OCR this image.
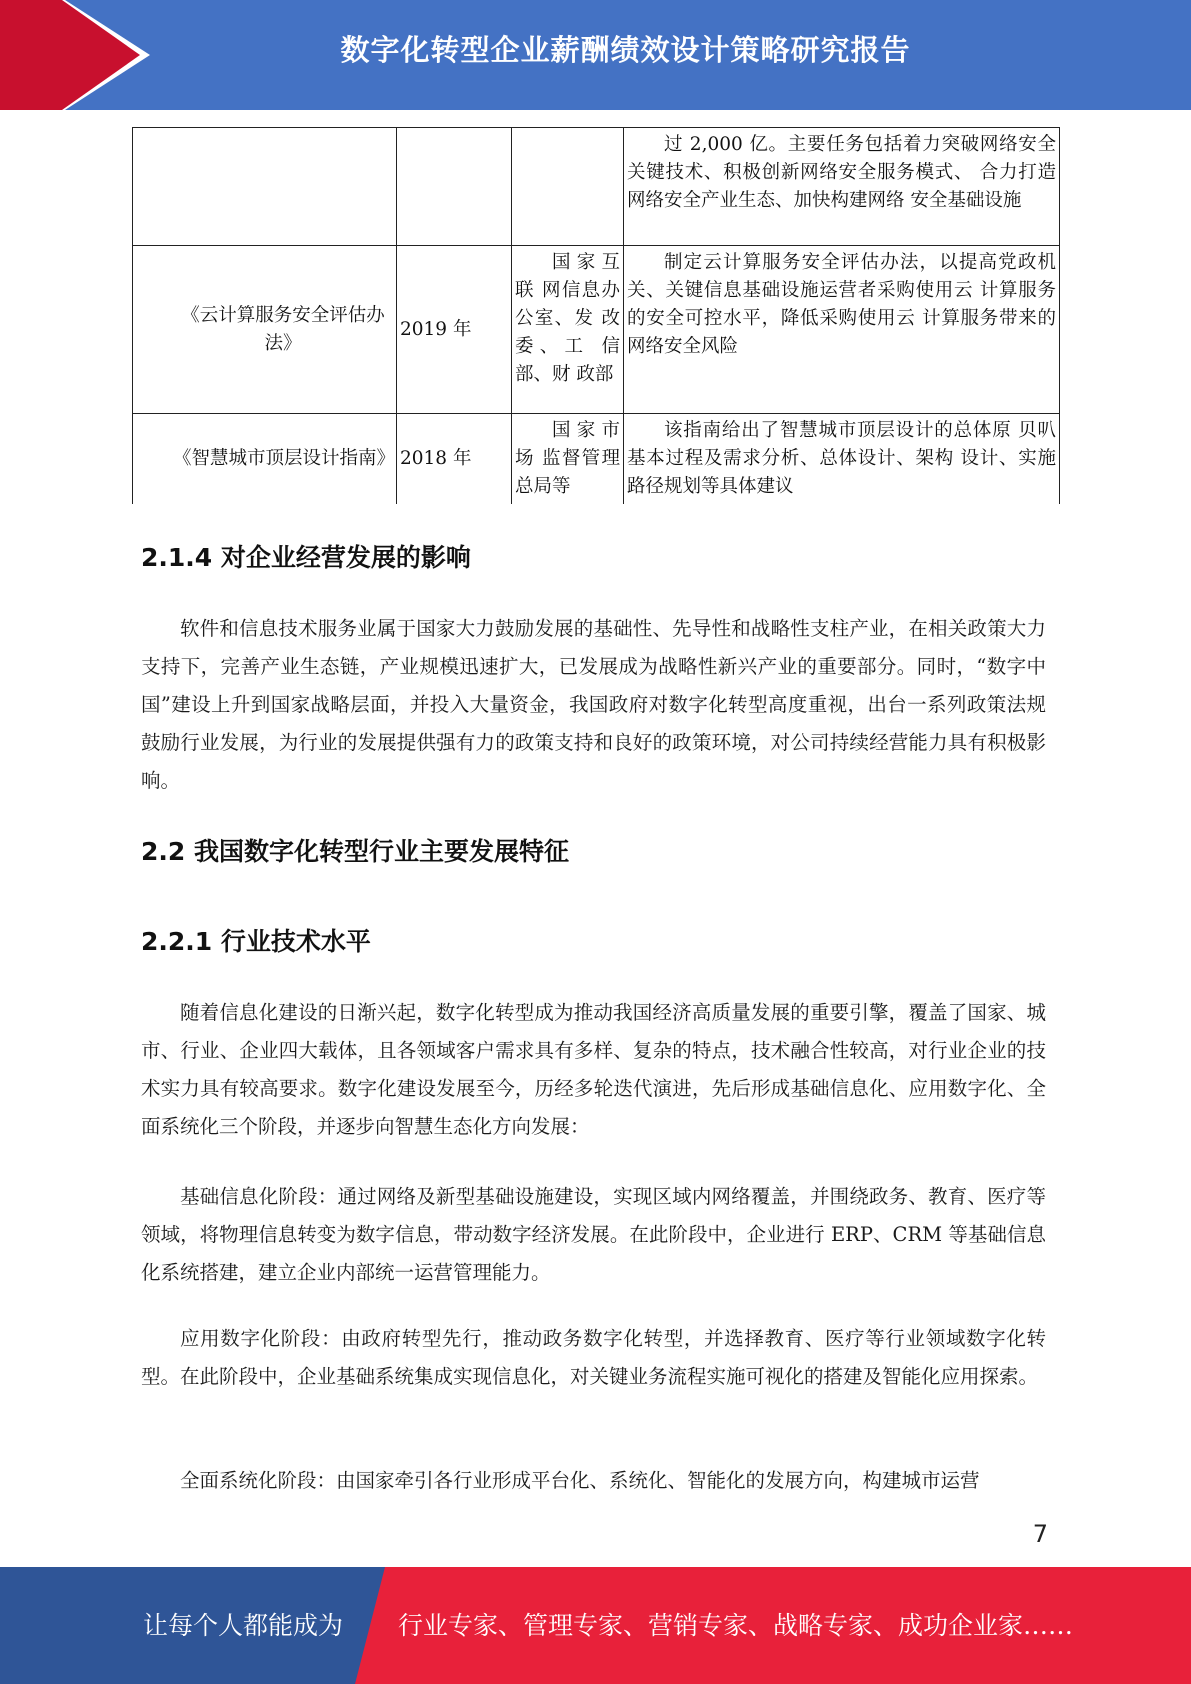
数字化转型企业薪酬绩效设计策略研究报告
			过 2,000 亿。主要任务包括着力突破网络安全关键技术、积极创新网络安全服务模式、 合力打造网络安全产业生态、加快构建网络 安全基础设施
《云计算服务安全评估办法》	2019 年	国家互联 网信息办 公室、发 改委、工 信部、财 政部	制定云计算服务安全评估办法，以提高党政机关、关键信息基础设施运营者采购使用云 计算服务的安全可控水平，降低采购使用云 计算服务带来的网络安全风险
《智慧城市顶层设计指南》	2018 年	国家市场 监督管理 总局等	该指南给出了智慧城市顶层设计的总体原 贝叭基本过程及需求分析、总体设计、架构 设计、实施路径规划等具体建议
2.1.4 对企业经营发展的影响
软件和信息技术服务业属于国家大力鼓励发展的基础性、先导性和战略性支柱产业，在相关政策大力支持下，完善产业生态链，产业规模迅速扩大，已发展成为战略性新兴产业的重要部分。同时，“数字中国”建设上升到国家战略层面，并投入大量资金，我国政府对数字化转型高度重视，出台一系列政策法规鼓励行业发展，为行业的发展提供强有力的政策支持和良好的政策环境，对公司持续经营能力具有积极影响。
2.2 我国数字化转型行业主要发展特征
2.2.1 行业技术水平
随着信息化建设的日渐兴起，数字化转型成为推动我国经济高质量发展的重要引擎，覆盖了国家、城市、行业、企业四大载体，且各领域客户需求具有多样、复杂的特点，技术融合性较高，对行业企业的技术实力具有较高要求。数字化建设发展至今，历经多轮迭代演进，先后形成基础信息化、应用数字化、全面系统化三个阶段，并逐步向智慧生态化方向发展：
基础信息化阶段：通过网络及新型基础设施建设，实现区域内网络覆盖，并围绕政务、教育、医疗等领域，将物理信息转变为数字信息，带动数字经济发展。在此阶段中，企业进行 ERP、CRM 等基础信息化系统搭建，建立企业内部统一运营管理能力。
应用数字化阶段：由政府转型先行，推动政务数字化转型，并选择教育、医疗等行业领域数字化转型。在此阶段中，企业基础系统集成实现信息化，对关键业务流程实施可视化的搭建及智能化应用探索。
全面系统化阶段：由国家牵引各行业形成平台化、系统化、智能化的发展方向，构建城市运营
7
让每个人都能成为 行业专家、管理专家、营销专家、战略专家、成功企业家……
